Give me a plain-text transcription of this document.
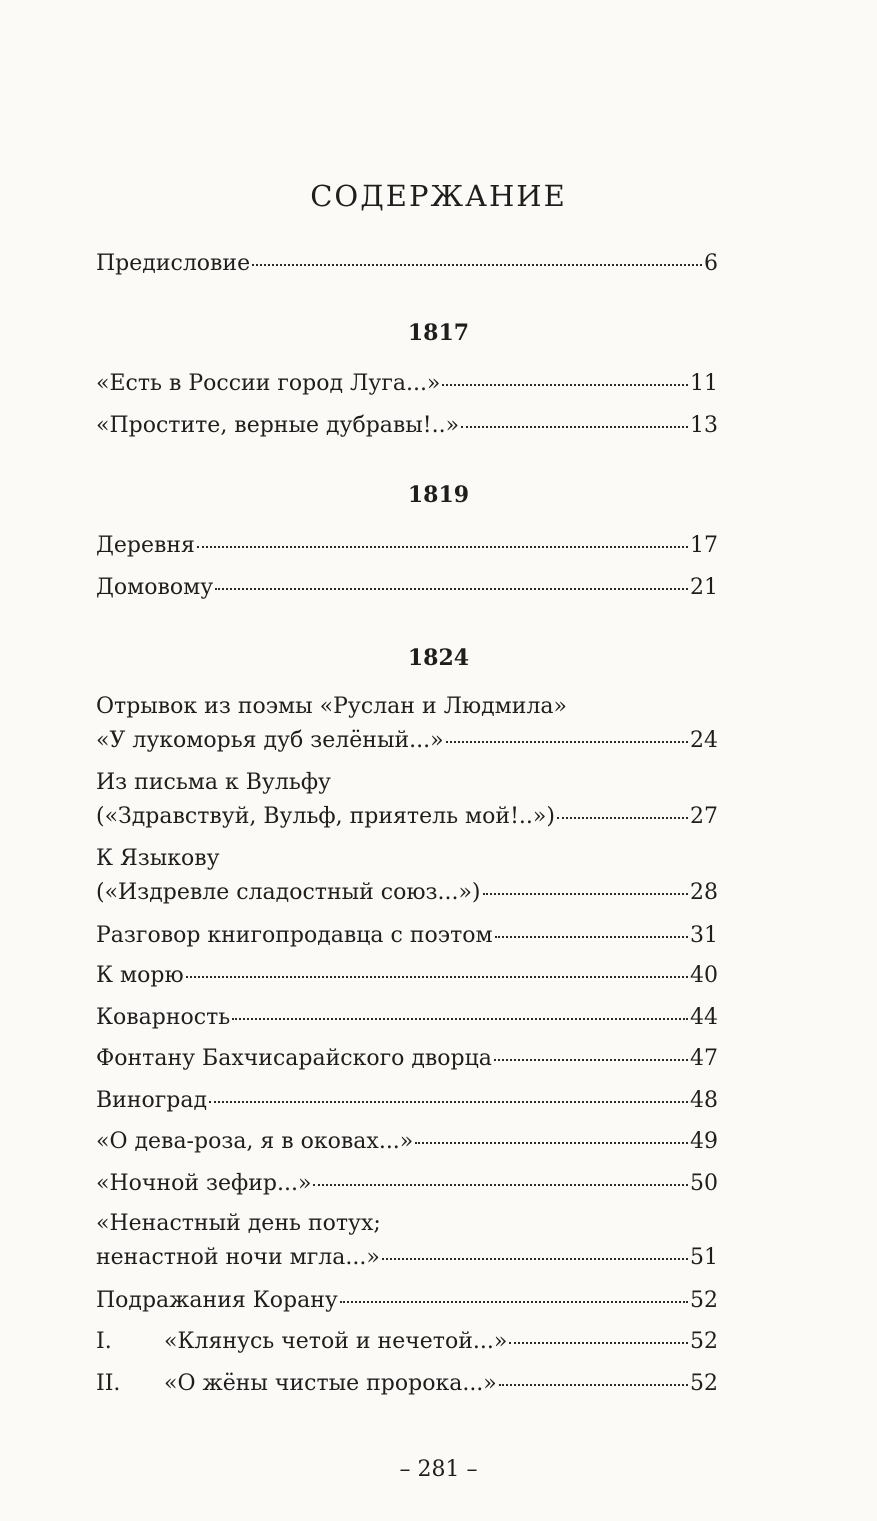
СОДЕРЖАНИЕ
Предисловие	6
1817
«Есть в России город Луга...»	11
«Простите, верные дубравы!..»	13
1819
Деревня	17
Домовому	21
1824
Отрывок из поэмы «Руслан и Людмила»
«У лукоморья дуб зелёный...»	24
Из письма к Вульфу
(«Здравствуй, Вульф, приятель мой!..»)	27
К Языкову
(«Издревле сладостный союз...»)	28
Разговор книгопродавца с поэтом	31
К морю	40
Коварность	44
Фонтану Бахчисарайского дворца	47
Виноград	48
«О дева-роза, я в оковах...»	49
«Ночной зефир...»	50
«Ненастный день потух;
ненастной ночи мгла...»	51
Подражания Корану	52
I.	«Клянусь четой и нечетой...»	52
II.	«О жёны чистые пророка...»	52
– 281 –
